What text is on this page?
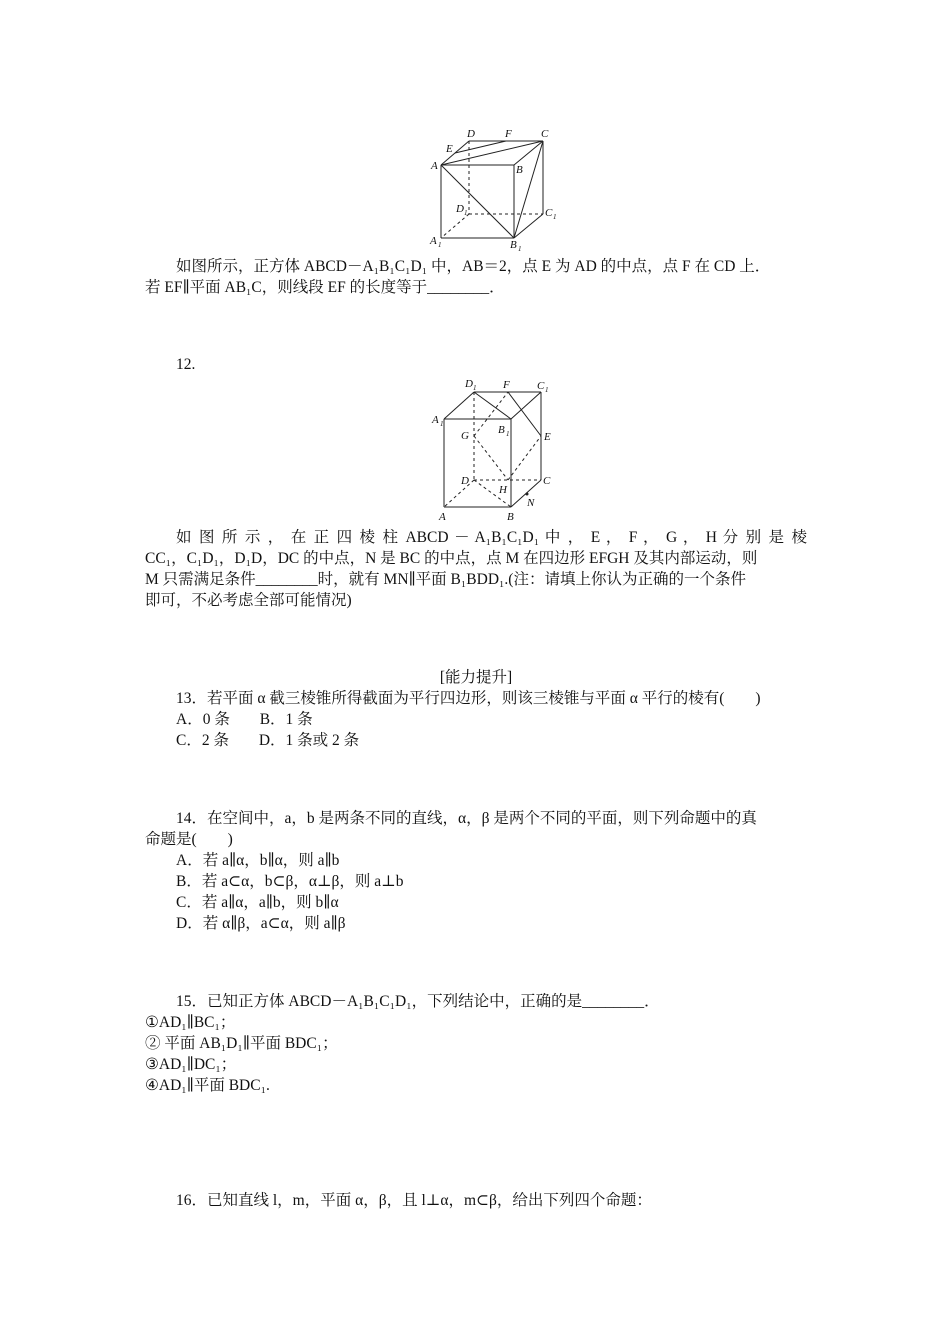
D	F	C
E
A	B
D 1	C 1
A 1	B 1

如图所示，正方体 ABCD－A₁B₁C₁D₁ 中，AB＝2，点 E 为 AD 的中点，点 F 在 CD 上．

若 EF∥平面 AB₁C，则线段 EF 的长度等于________．

12.

D 1 F C 1
A 1
G	B 1	E
D
H
C
N
A	B

如 图 所 示 ， 在 正 四 棱 柱 ABCD － A₁B₁C₁D₁ 中 ， E ， F ， G ， H 分 别 是 棱

CC₁，C₁D₁，D₁D，DC 的中点，N 是 BC 的中点，点 M 在四边形 EFGH 及其内部运动，则

M 只需满足条件________时，就有 MN∥平面 B₁BDD₁.(注：请填上你认为正确的一个条件

即可，不必考虑全部可能情况)

[能力提升]

13．若平面 α 截三棱锥所得截面为平行四边形，则该三棱锥与平面 α 平行的棱有(　　)

A．0 条 B．1 条
C．2 条 D．1 条或 2 条

14．在空间中，a，b 是两条不同的直线，α，β 是两个不同的平面，则下列命题中的真

命题是(　　)

A．若 a∥α，b∥α，则 a∥b

B．若 a⊂α，b⊂β，α⊥β，则 a⊥b

C．若 a∥α，a∥b，则 b∥α

D．若 α∥β，a⊂α，则 a∥β

15．已知正方体 ABCD－A₁B₁C₁D₁，下列结论中，正确的是________．

①AD₁∥BC₁；

② 平面 AB₁D₁∥平面 BDC₁；

③AD₁∥DC₁；

④AD₁∥平面 BDC₁.

16．已知直线 l，m，平面 α，β，且 l⊥α，m⊂β，给出下列四个命题：
